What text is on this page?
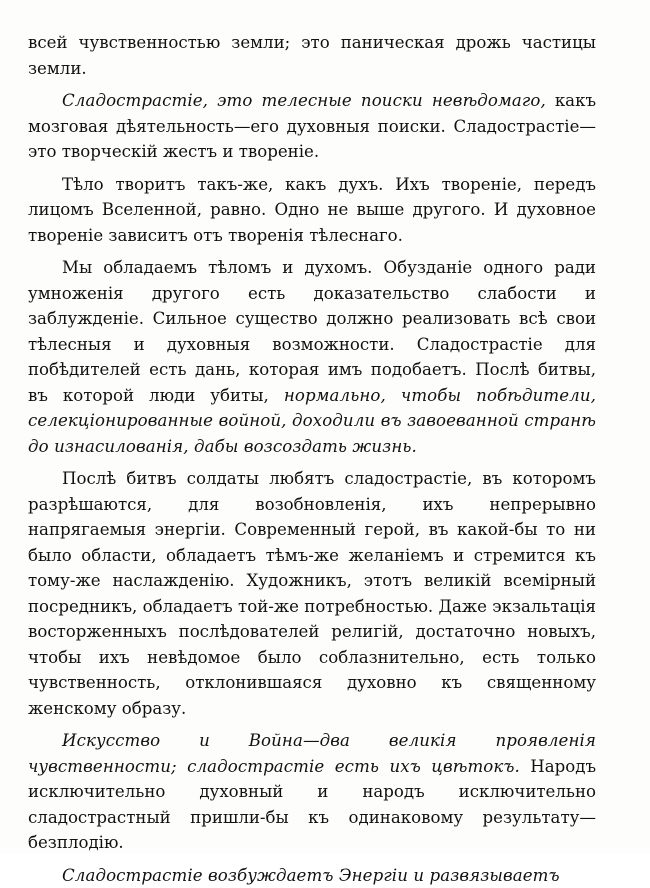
всей чувственностью земли; это паническая дрожь частицы земли.

Сладострастіе, это телесные поиски невѣдомаго, какъ мозговая дѣятельность—его духовныя поиски. Сладострастіе—это творческій жестъ и твореніе.

Тѣло творитъ такъ-же, какъ духъ. Ихъ твореніе, передъ лицомъ Вселенной, равно. Одно не выше другого. И духовное твореніе зависитъ отъ творенія тѣлеснаго.

Мы обладаемъ тѣломъ и духомъ. Обузданіе одного ради умноженія другого есть доказательство слабости и заблужденіе. Сильное существо должно реализовать всѣ свои тѣлесныя и духовныя возможности. Сладострастіе для побѣдителей есть дань, которая имъ подобаетъ. Послѣ битвы, въ которой люди убиты, нормально, чтобы побѣдители, селекціонированные войной, доходили въ завоеванной странѣ до изнасилованія, дабы возсоздать жизнь.

Послѣ битвъ солдаты любятъ сладострастіе, въ которомъ разрѣшаются, для возобновленія, ихъ непрерывно напрягаемыя энергіи. Современный герой, въ какой-бы то ни было области, обладаетъ тѣмъ-же желаніемъ и стремится къ тому-же наслажденію. Художникъ, этотъ великій всемірный посредникъ, обладаетъ той-же потребностью. Даже экзальтація восторженныхъ послѣдователей религій, достаточно новыхъ, чтобы ихъ невѣдомое было соблазнительно, есть только чувственность, отклонившаяся духовно къ священному женскому образу.

Искусство и Война—два великія проявленія чувственности; сладострастіе есть ихъ цвѣтокъ. Народъ исключительно духовный и народъ исключительно сладострастный пришли-бы къ одинаковому результату—безплодію.

Сладострастіе возбуждаетъ Энергіи и развязываетъ
